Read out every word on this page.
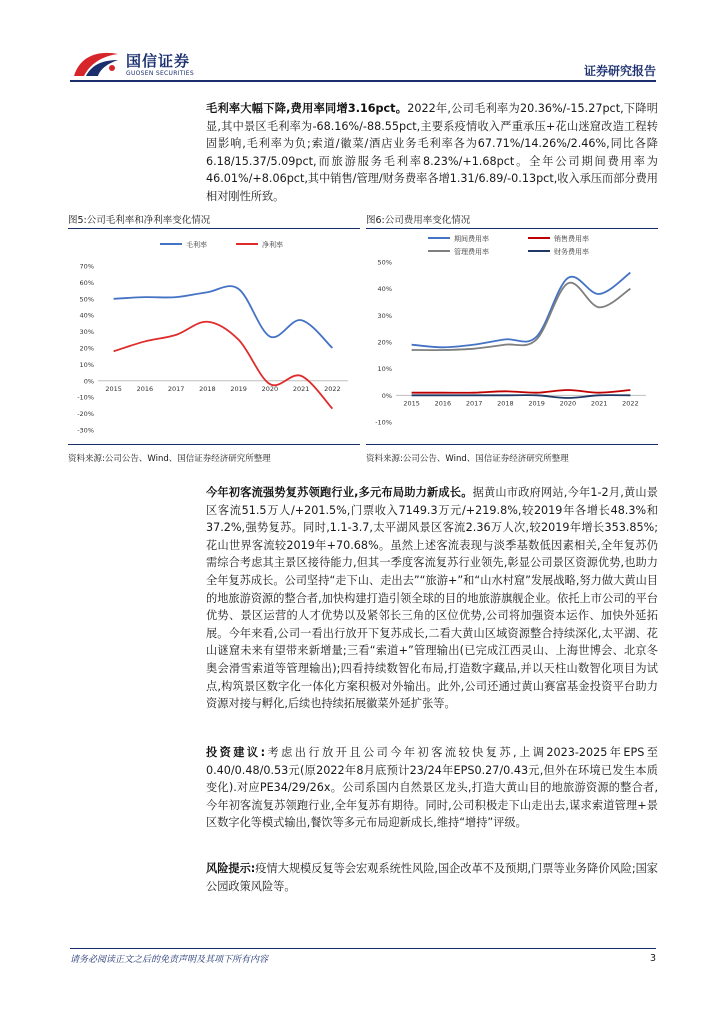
国信证券
GUOSEN SECURITIES	证券研究报告

毛利率大幅下降,费用率同增3.16pct。2022年,公司毛利率为20.36%/-15.27pct,下降明显,其中景区毛利率为-68.16%/-88.55pct,主要系疫情收入严重承压+花山迷窟改造工程转固影响,毛利率为负;索道/徽菜/酒店业务毛利率各为67.71%/14.26%/2.46%,同比各降6.18/15.37/5.09pct,而旅游服务毛利率8.23%/+1.68pct。全年公司期间费用率为46.01%/+8.06pct,其中销售/管理/财务费率各增1.31/6.89/-0.13pct,收入承压而部分费用相对刚性所致。

图5:公司毛利率和净利率变化情况
毛利率	净利率
-30%
-20%
-10%
0%
10%
20%
30%
40%
50%
60%
70%
2015 2016 2017 2018 2019 2020 2021 2022
资料来源:公司公告、Wind、国信证券经济研究所整理
图6:公司费用率变化情况
期间费用率	销售费用率
管理费用率	财务费用率
-10%
0%
10%
20%
30%
40%
50%
2015 2016 2017 2018 2019 2020 2021 2022
资料来源:公司公告、Wind、国信证券经济研究所整理

今年初客流强势复苏领跑行业,多元布局助力新成长。据黄山市政府网站,今年1-2月,黄山景区客流51.5万人/+201.5%,门票收入7149.3万元/+219.8%,较2019年各增长48.3%和37.2%,强势复苏。同时,1.1-3.7,太平湖风景区客流2.36万人次,较2019年增长353.85%;花山世界客流较2019年+70.68%。虽然上述客流表现与淡季基数低因素相关,全年复苏仍需综合考虑其主景区接待能力,但其一季度客流复苏行业领先,彰显公司景区资源优势,也助力全年复苏成长。公司坚持“走下山、走出去”“旅游+”和“山水村窟”发展战略,努力做大黄山目的地旅游资源的整合者,加快构建打造引领全球的目的地旅游旗舰企业。依托上市公司的平台优势、景区运营的人才优势以及紧邻长三角的区位优势,公司将加强资本运作、加快外延拓展。今年来看,公司一看出行放开下复苏成长,二看大黄山区域资源整合持续深化,太平湖、花山谜窟未来有望带来新增量;三看“索道+”管理输出(已完成江西灵山、上海世博会、北京冬奥会滑雪索道等管理输出);四看持续数智化布局,打造数字藏品,并以天柱山数智化项目为试点,构筑景区数字化一体化方案积极对外输出。此外,公司还通过黄山赛富基金投资平台助力资源对接与孵化,后续也持续拓展徽菜外延扩张等。

投资建议:考虑出行放开且公司今年初客流较快复苏,上调2023-2025年EPS至0.40/0.48/0.53元(原2022年8月底预计23/24年EPS0.27/0.43元,但外在环境已发生本质变化).对应PE34/29/26x。公司系国内自然景区龙头,打造大黄山目的地旅游资源的整合者,今年初客流复苏领跑行业,全年复苏有期待。同时,公司积极走下山走出去,谋求索道管理+景区数字化等模式输出,餐饮等多元布局迎新成长,维持“增持”评级。

风险提示:疫情大规模反复等会宏观系统性风险,国企改革不及预期,门票等业务降价风险;国家公园政策风险等。

请务必阅读正文之后的免责声明及其项下所有内容	3
